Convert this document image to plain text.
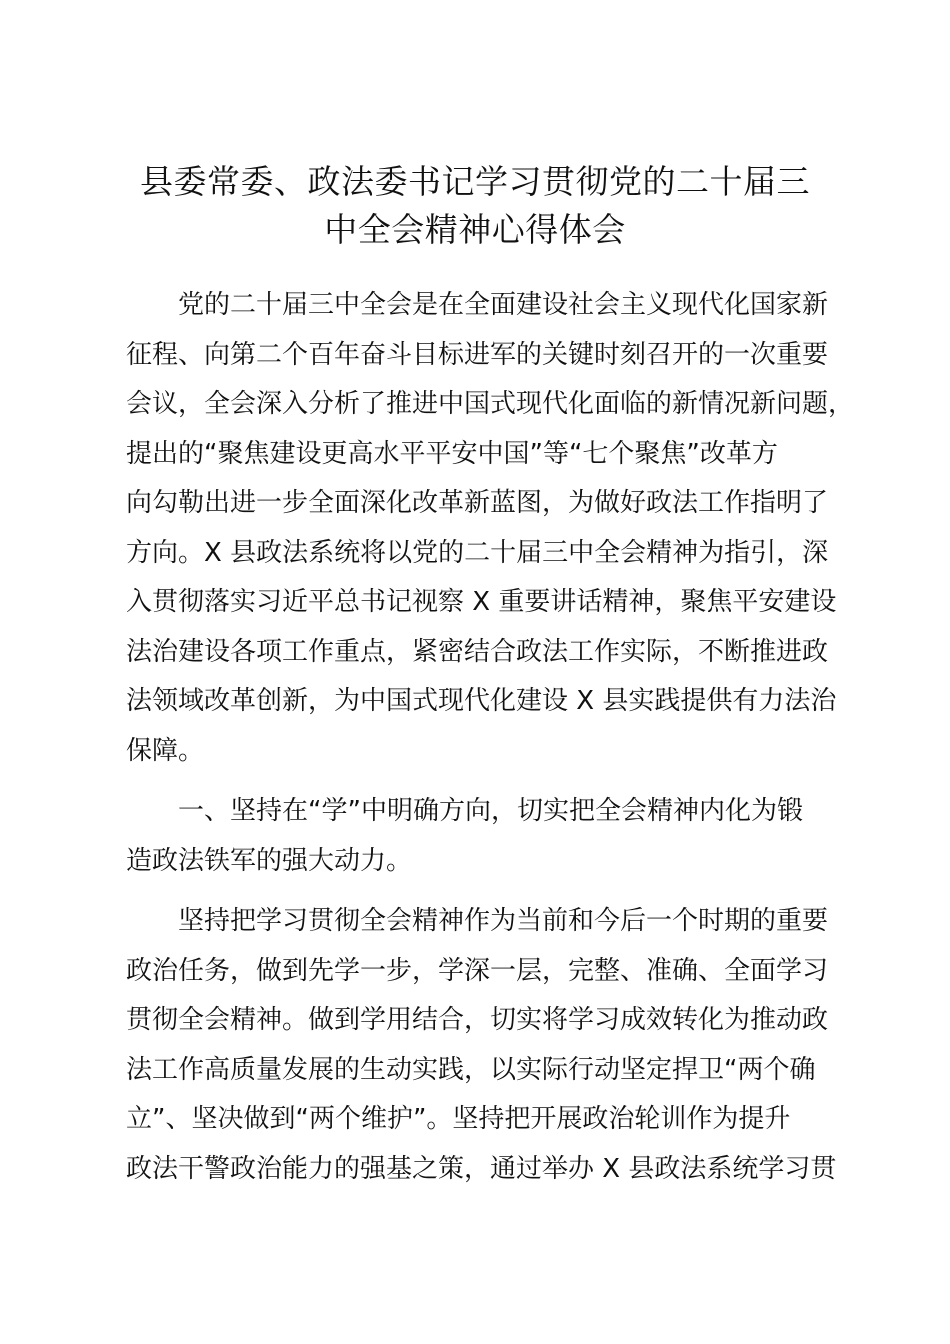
县委常委、政法委书记学习贯彻党的二十届三
中全会精神心得体会

党的二十届三中全会是在全面建设社会主义现代化国家新
征程、向第二个百年奋斗目标进军的关键时刻召开的一次重要
会议，全会深入分析了推进中国式现代化面临的新情况新问题，
提出的“聚焦建设更高水平平安中国”等“七个聚焦”改革方
向勾勒出进一步全面深化改革新蓝图，为做好政法工作指明了
方向。X 县政法系统将以党的二十届三中全会精神为指引，深
入贯彻落实习近平总书记视察 X 重要讲话精神，聚焦平安建设
法治建设各项工作重点，紧密结合政法工作实际，不断推进政
法领域改革创新，为中国式现代化建设 X 县实践提供有力法治
保障。

一、坚持在“学”中明确方向，切实把全会精神内化为锻
造政法铁军的强大动力。

坚持把学习贯彻全会精神作为当前和今后一个时期的重要
政治任务，做到先学一步，学深一层，完整、准确、全面学习
贯彻全会精神。做到学用结合，切实将学习成效转化为推动政
法工作高质量发展的生动实践，以实际行动坚定捍卫“两个确
立”、坚决做到“两个维护”。坚持把开展政治轮训作为提升
政法干警政治能力的强基之策，通过举办 X 县政法系统学习贯
